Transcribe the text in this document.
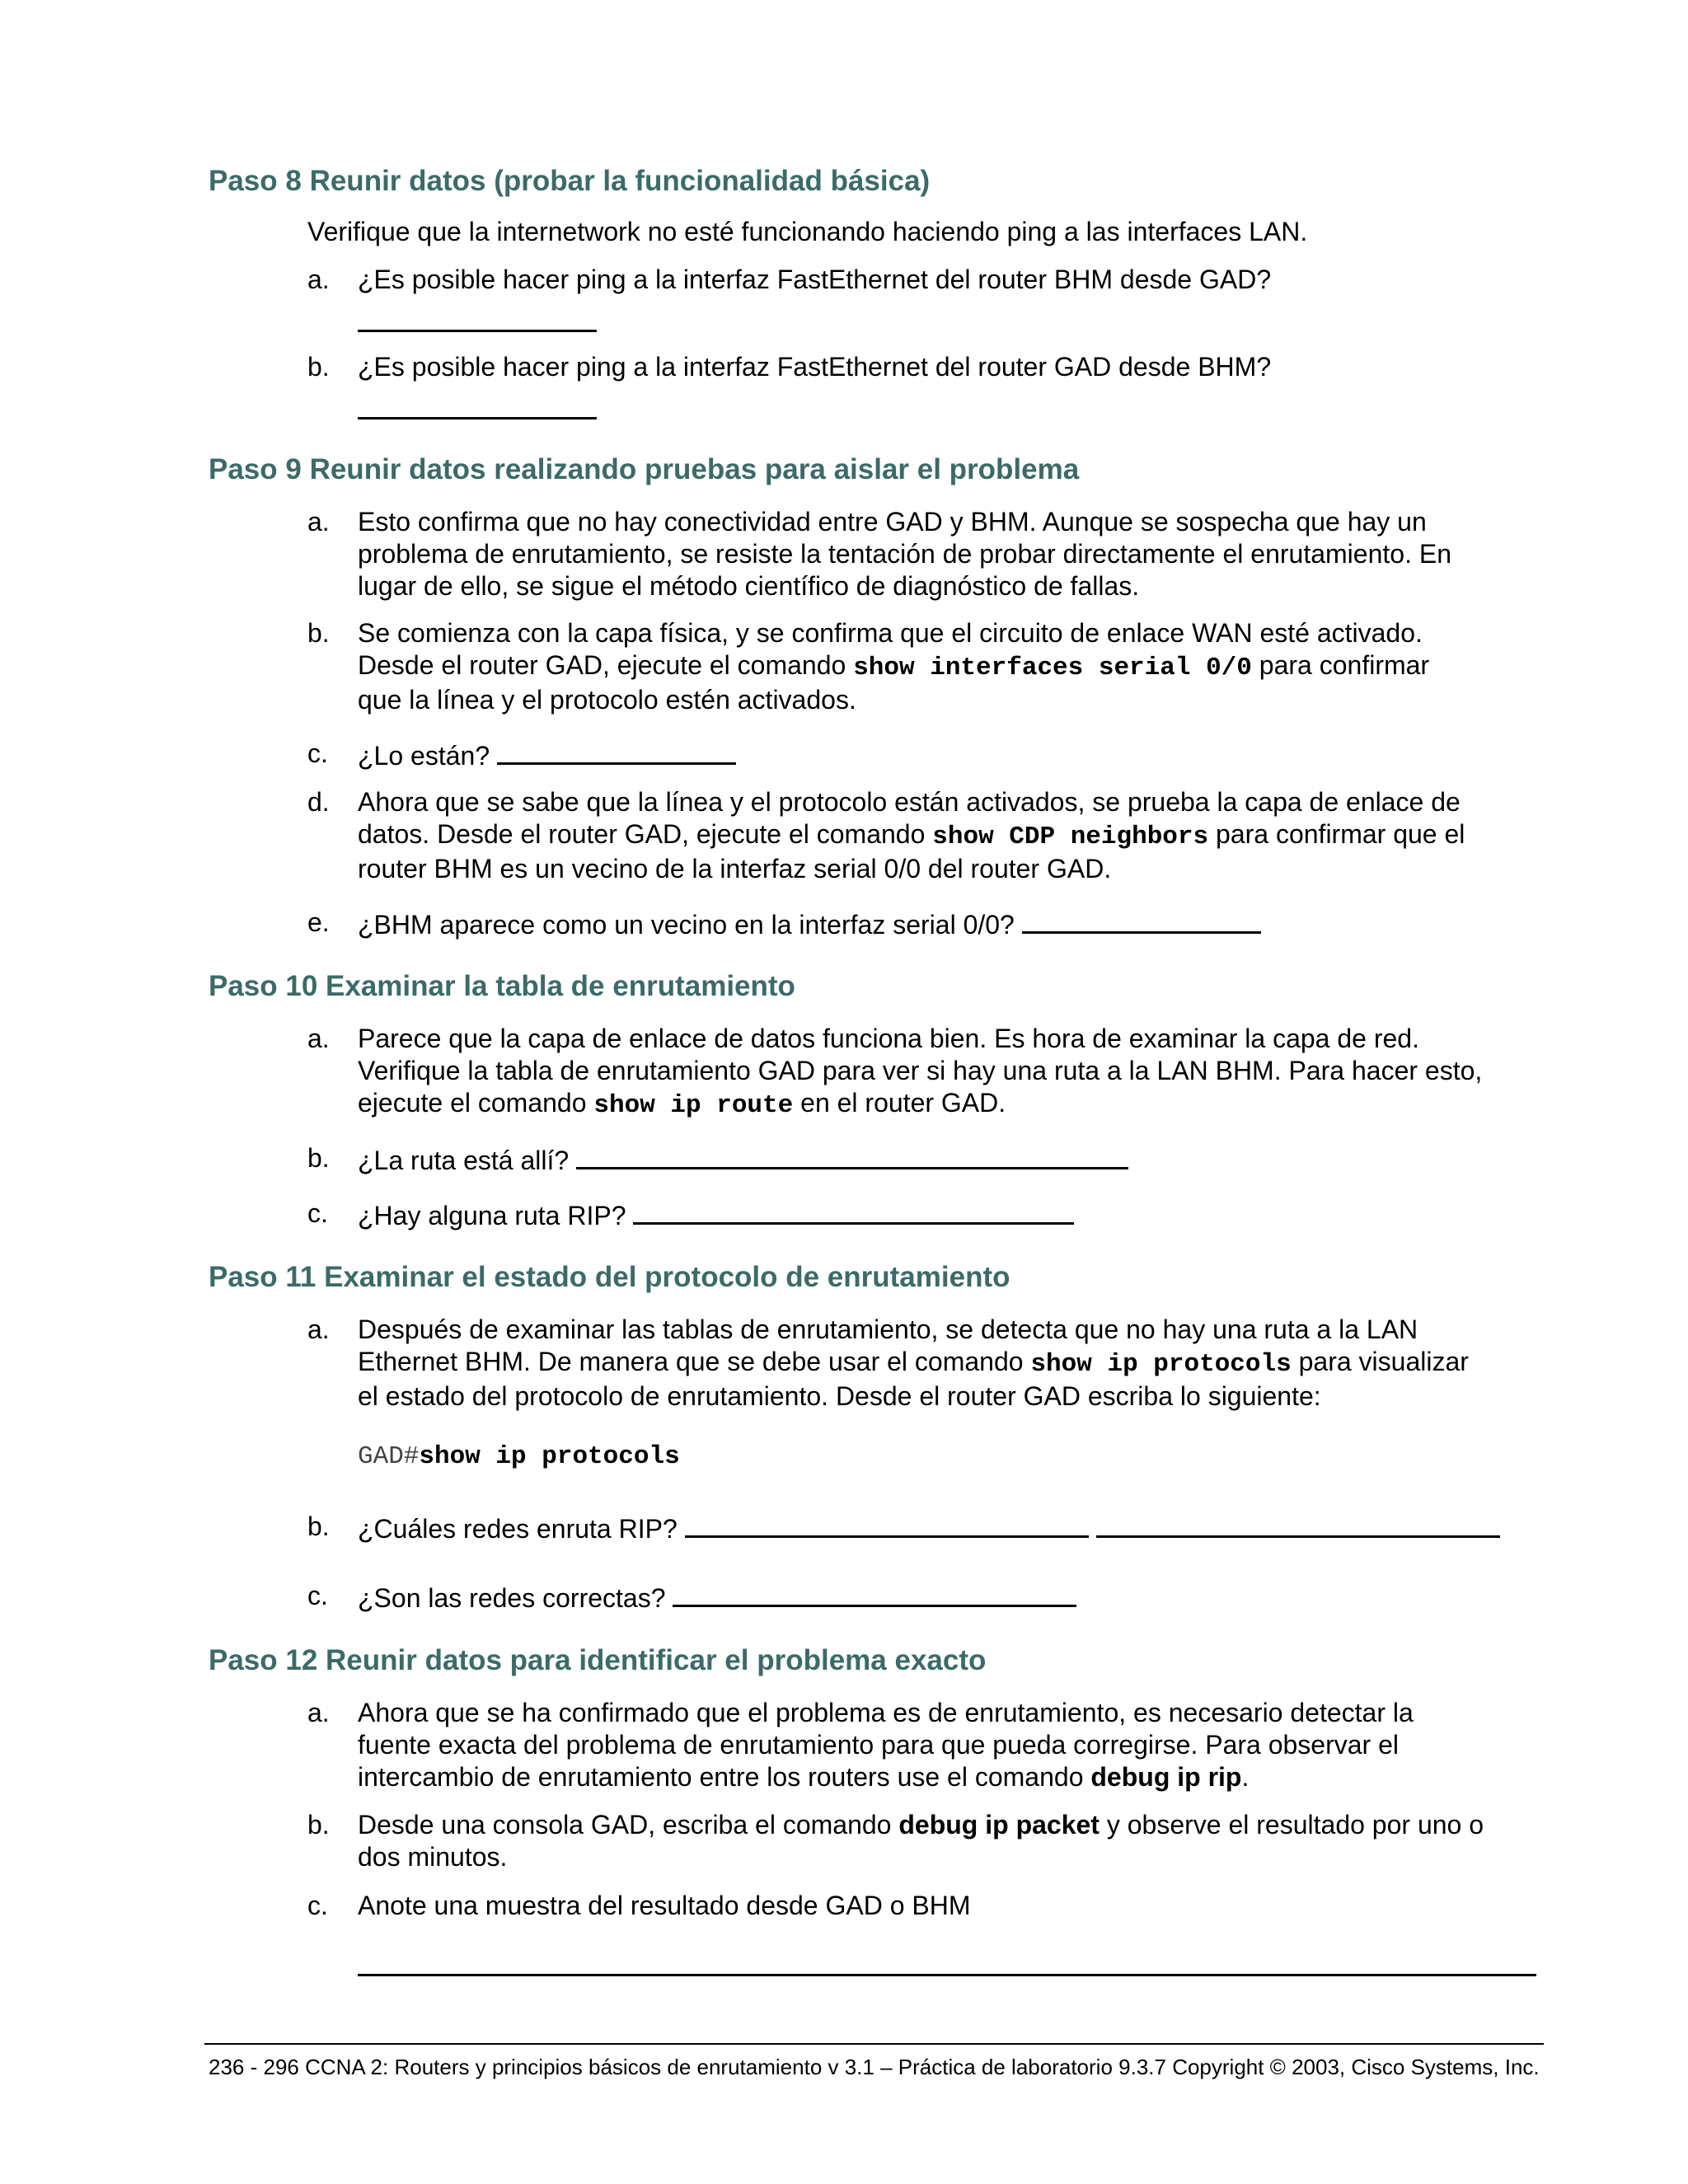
Paso 8 Reunir datos (probar la funcionalidad básica)
Verifique que la internetwork no esté funcionando haciendo ping a las interfaces LAN.
a. ¿Es posible hacer ping a la interfaz FastEthernet del router BHM desde GAD?
b. ¿Es posible hacer ping a la interfaz FastEthernet del router GAD desde BHM?
Paso 9 Reunir datos realizando pruebas para aislar el problema
a. Esto confirma que no hay conectividad entre GAD y BHM. Aunque se sospecha que hay un
problema de enrutamiento, se resiste la tentación de probar directamente el enrutamiento. En
lugar de ello, se sigue el método científico de diagnóstico de fallas.
b. Se comienza con la capa física, y se confirma que el circuito de enlace WAN esté activado.
Desde el router GAD, ejecute el comando show interfaces serial 0/0 para confirmar
que la línea y el protocolo estén activados.
c. ¿Lo están?
d. Ahora que se sabe que la línea y el protocolo están activados, se prueba la capa de enlace de
datos. Desde el router GAD, ejecute el comando show CDP neighbors para confirmar que el
router BHM es un vecino de la interfaz serial 0/0 del router GAD.
e. ¿BHM aparece como un vecino en la interfaz serial 0/0?
Paso 10 Examinar la tabla de enrutamiento
a. Parece que la capa de enlace de datos funciona bien. Es hora de examinar la capa de red.
Verifique la tabla de enrutamiento GAD para ver si hay una ruta a la LAN BHM. Para hacer esto,
ejecute el comando show ip route en el router GAD.
b. ¿La ruta está allí?
c. ¿Hay alguna ruta RIP?
Paso 11 Examinar el estado del protocolo de enrutamiento
a. Después de examinar las tablas de enrutamiento, se detecta que no hay una ruta a la LAN
Ethernet BHM. De manera que se debe usar el comando show ip protocols para visualizar
el estado del protocolo de enrutamiento. Desde el router GAD escriba lo siguiente:
GAD#show ip protocols
b. ¿Cuáles redes enruta RIP?
c. ¿Son las redes correctas?
Paso 12 Reunir datos para identificar el problema exacto
a. Ahora que se ha confirmado que el problema es de enrutamiento, es necesario detectar la
fuente exacta del problema de enrutamiento para que pueda corregirse. Para observar el
intercambio de enrutamiento entre los routers use el comando debug ip rip.
b. Desde una consola GAD, escriba el comando debug ip packet y observe el resultado por uno o
dos minutos.
c. Anote una muestra del resultado desde GAD o BHM
236 - 296 CCNA 2: Routers y principios básicos de enrutamiento v 3.1 – Práctica de laboratorio 9.3.7 Copyright © 2003, Cisco Systems, Inc.
